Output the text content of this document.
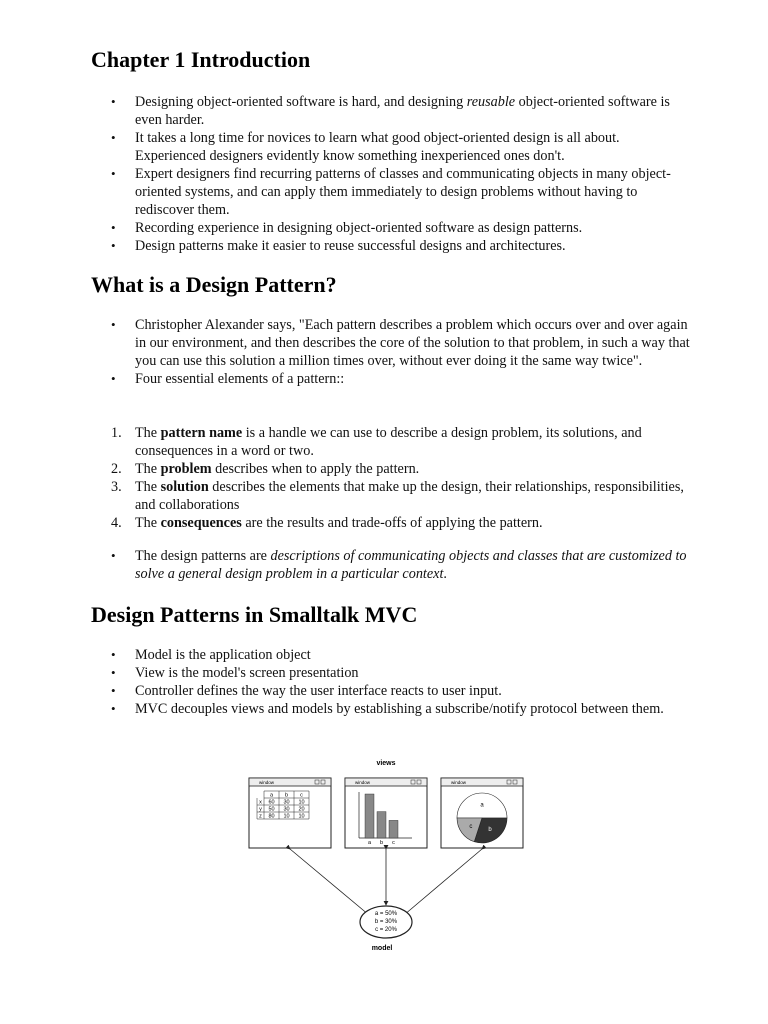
Chapter 1 Introduction
• Designing object-oriented software is hard, and designing reusable object-oriented software is even harder.
• It takes a long time for novices to learn what good object-oriented design is all about. Experienced designers evidently know something inexperienced ones don't.
• Expert designers find recurring patterns of classes and communicating objects in many object-oriented systems, and can apply them immediately to design problems without having to rediscover them.
• Recording experience in designing object-oriented software as design patterns.
• Design patterns make it easier to reuse successful designs and architectures.
What is a Design Pattern?
• Christopher Alexander says, "Each pattern describes a problem which occurs over and over again in our environment, and then describes the core of the solution to that problem, in such a way that you can use this solution a million times over, without ever doing it the same way twice".
• Four essential elements of a pattern::
1. The pattern name is a handle we can use to describe a design problem, its solutions, and consequences in a word or two.
2. The problem describes when to apply the pattern.
3. The solution describes the elements that make up the design, their relationships, responsibilities, and collaborations
4. The consequences are the results and trade-offs of applying the pattern.
• The design patterns are descriptions of communicating objects and classes that are customized to solve a general design problem in a particular context.
Design Patterns in Smalltalk MVC
• Model is the application object
• View is the model's screen presentation
• Controller defines the way the user interface reacts to user input.
• MVC decouples views and models by establishing a subscribe/notify protocol between them.
views
window
a b c
x 60 30 10
y 50 30 20
z 80 10 10
window
a b c
window
a
b
c
a = 50%
b = 30%
c = 20%
model
